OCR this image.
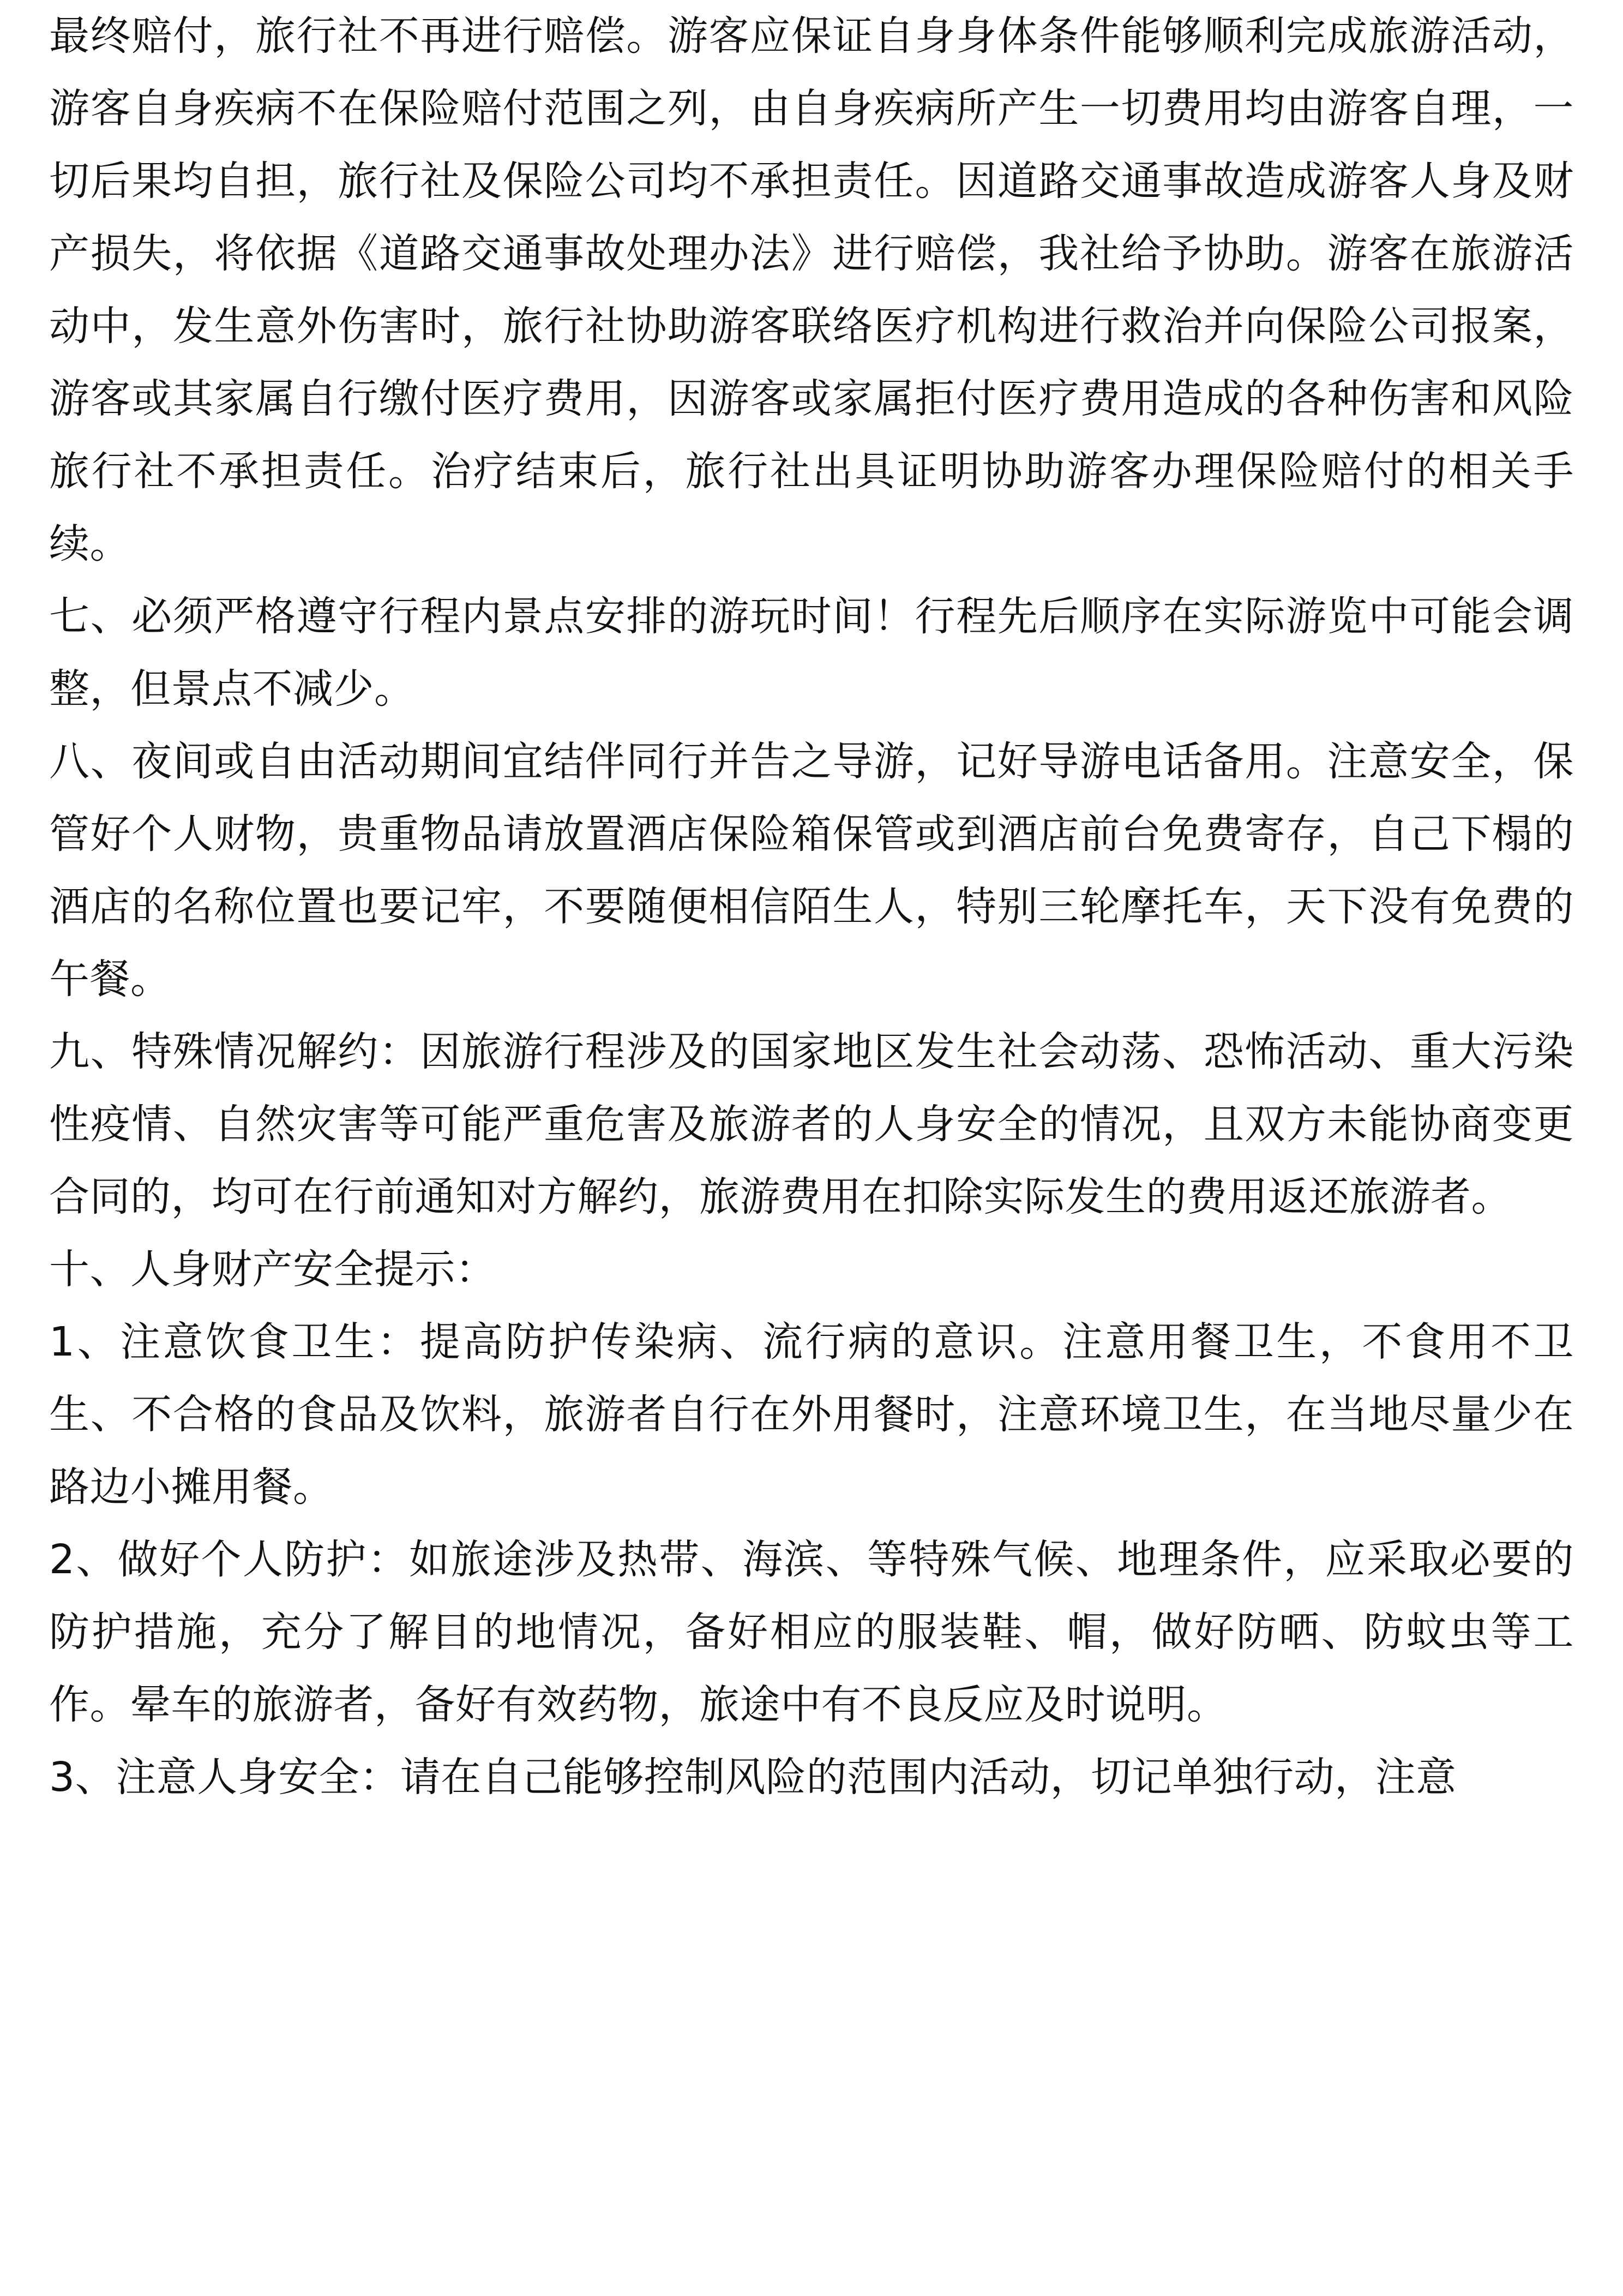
最终赔付，旅行社不再进行赔偿。游客应保证自身身体条件能够顺利完成旅游活动，游客自身疾病不在保险赔付范围之列，由自身疾病所产生一切费用均由游客自理，一切后果均自担，旅行社及保险公司均不承担责任。因道路交通事故造成游客人身及财产损失，将依据《道路交通事故处理办法》进行赔偿，我社给予协助。游客在旅游活动中，发生意外伤害时，旅行社协助游客联络医疗机构进行救治并向保险公司报案，游客或其家属自行缴付医疗费用，因游客或家属拒付医疗费用造成的各种伤害和风险旅行社不承担责任。治疗结束后，旅行社出具证明协助游客办理保险赔付的相关手续。

七、必须严格遵守行程内景点安排的游玩时间！行程先后顺序在实际游览中可能会调整，但景点不减少。

八、夜间或自由活动期间宜结伴同行并告之导游，记好导游电话备用。注意安全，保管好个人财物，贵重物品请放置酒店保险箱保管或到酒店前台免费寄存，自己下榻的酒店的名称位置也要记牢，不要随便相信陌生人，特别三轮摩托车，天下没有免费的午餐。

九、特殊情况解约：因旅游行程涉及的国家地区发生社会动荡、恐怖活动、重大污染性疫情、自然灾害等可能严重危害及旅游者的人身安全的情况，且双方未能协商变更合同的，均可在行前通知对方解约，旅游费用在扣除实际发生的费用返还旅游者。

十、人身财产安全提示：

1、注意饮食卫生：提高防护传染病、流行病的意识。注意用餐卫生，不食用不卫生、不合格的食品及饮料，旅游者自行在外用餐时，注意环境卫生，在当地尽量少在路边小摊用餐。

2、做好个人防护：如旅途涉及热带、海滨、等特殊气候、地理条件，应采取必要的防护措施，充分了解目的地情况，备好相应的服装鞋、帽，做好防晒、防蚊虫等工作。晕车的旅游者，备好有效药物，旅途中有不良反应及时说明。

3、注意人身安全：请在自己能够控制风险的范围内活动，切记单独行动，注意
